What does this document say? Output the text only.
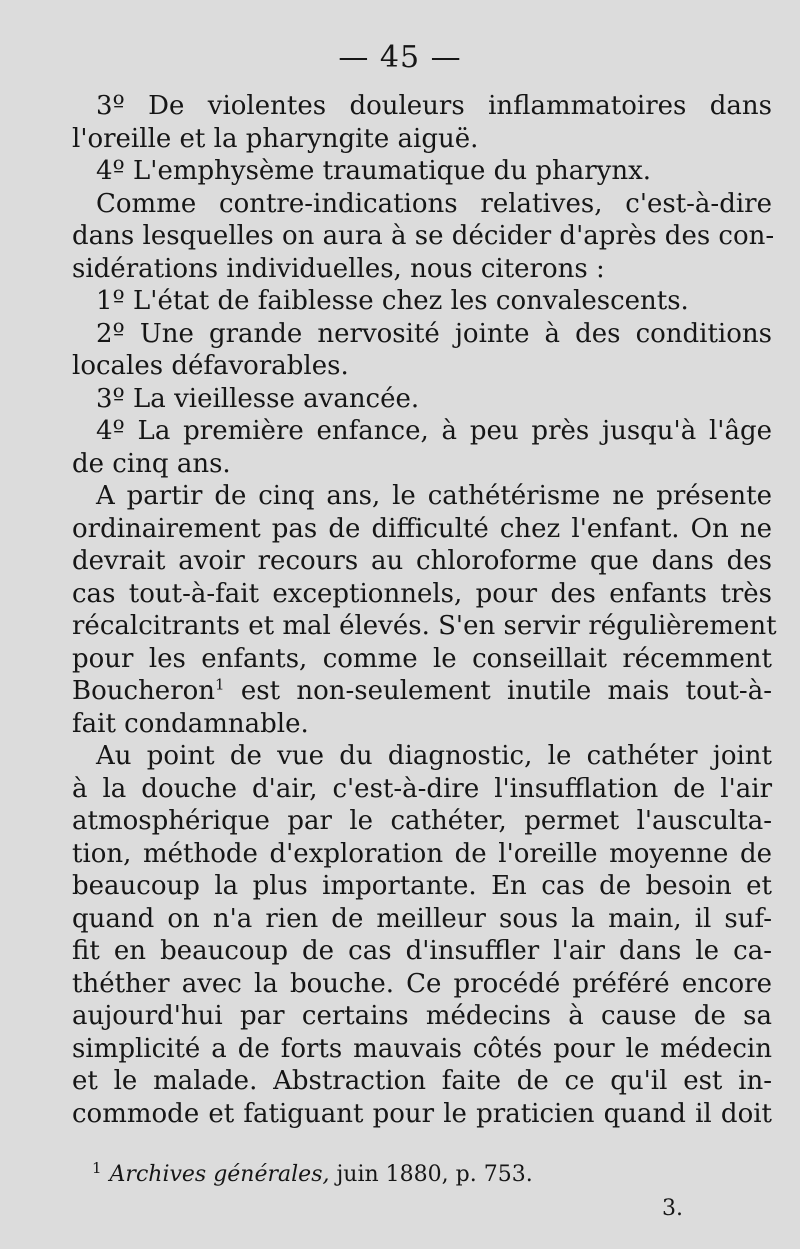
— 45 —
3º De violentes douleurs inflammatoires dans
l'oreille et la pharyngite aiguë.
4º L'emphysème traumatique du pharynx.
Comme contre-indications relatives, c'est-à-dire
dans lesquelles on aura à se décider d'après des con-
sidérations individuelles, nous citerons :
1º L'état de faiblesse chez les convalescents.
2º Une grande nervosité jointe à des conditions
locales défavorables.
3º La vieillesse avancée.
4º La première enfance, à peu près jusqu'à l'âge
de cinq ans.
A partir de cinq ans, le cathétérisme ne présente
ordinairement pas de difficulté chez l'enfant. On ne
devrait avoir recours au chloroforme que dans des
cas tout-à-fait exceptionnels, pour des enfants très
récalcitrants et mal élevés. S'en servir régulièrement
pour les enfants, comme le conseillait récemment
Boucheron$^1$ est non-seulement inutile mais tout-à-
fait condamnable.
Au point de vue du diagnostic, le cathéter joint
à la douche d'air, c'est-à-dire l'insufflation de l'air
atmosphérique par le cathéter, permet l'ausculta-
tion, méthode d'exploration de l'oreille moyenne de
beaucoup la plus importante. En cas de besoin et
quand on n'a rien de meilleur sous la main, il suf-
fit en beaucoup de cas d'insuffler l'air dans le ca-
théther avec la bouche. Ce procédé préféré encore
aujourd'hui par certains médecins à cause de sa
simplicité a de forts mauvais côtés pour le médecin
et le malade. Abstraction faite de ce qu'il est in-
commode et fatiguant pour le praticien quand il doit
$^1$ Archives générales, juin 1880, p. 753.
3.
